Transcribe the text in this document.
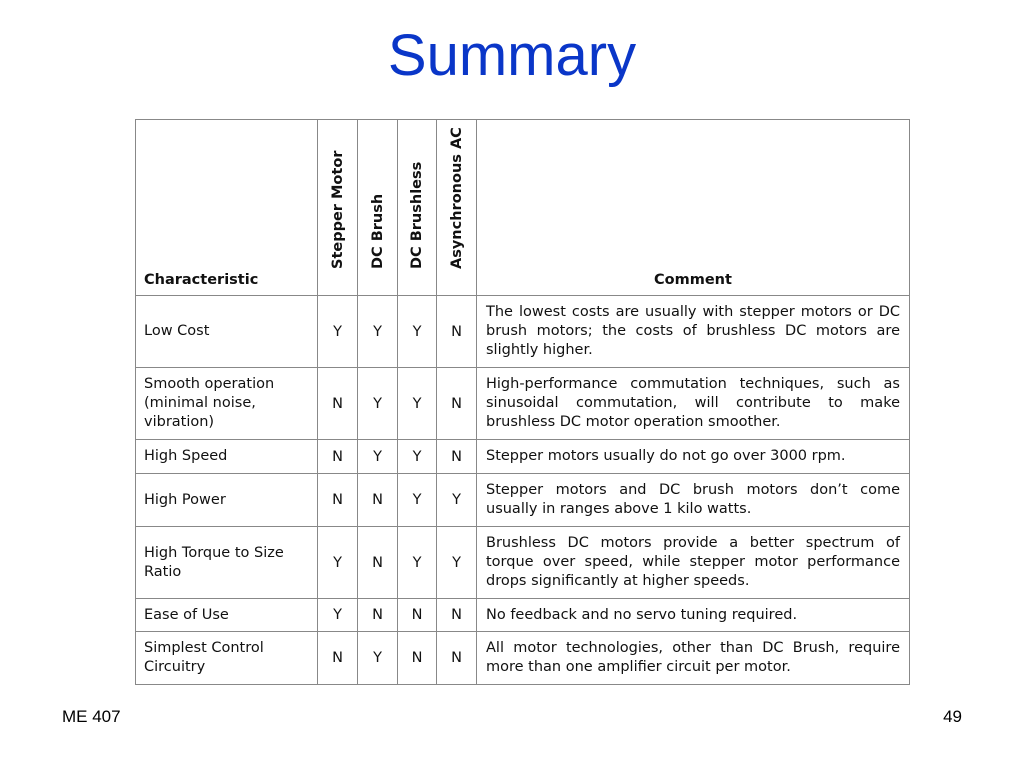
Summary
Characteristic	Stepper Motor	DC Brush	DC Brushless	Asynchronous AC	Comment
Low Cost	Y	Y	Y	N	The lowest costs are usually with stepper motors or DC brush motors; the costs of brushless DC motors are slightly higher.
Smooth operation (minimal noise, vibration)	N	Y	Y	N	High-performance commutation techniques, such as sinusoidal commutation, will contribute to make brushless DC motor operation smoother.
High Speed	N	Y	Y	N	Stepper motors usually do not go over 3000 rpm.
High Power	N	N	Y	Y	Stepper motors and DC brush motors don’t come usually in ranges above 1 kilo watts.
High Torque to Size Ratio	Y	N	Y	Y	Brushless DC motors provide a better spectrum of torque over speed, while stepper motor performance drops significantly at higher speeds.
Ease of Use	Y	N	N	N	No feedback and no servo tuning required.
Simplest Control Circuitry	N	Y	N	N	All motor technologies, other than DC Brush, require more than one amplifier circuit per motor.
ME 407	49
